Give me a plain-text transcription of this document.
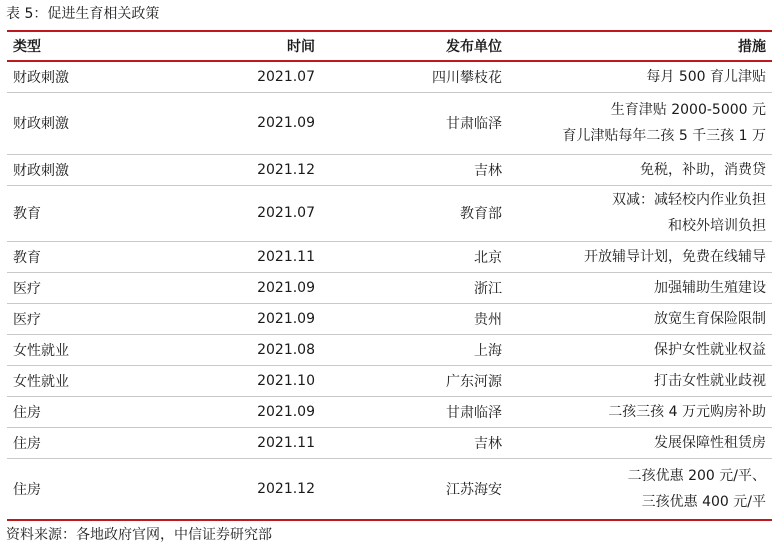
表 5：促进生育相关政策
类型	时间	发布单位	措施
财政刺激	2021.07	四川攀枝花	每月 500 育儿津贴

财政刺激	2021.09	甘肃临泽	生育津贴 2000-5000 元
育儿津贴每年二孩 5 千三孩 1 万

财政刺激	2021.12	吉林	免税，补助，消费贷

教育	2021.07	教育部	双减：减轻校内作业负担
和校外培训负担

教育	2021.11	北京	开放辅导计划，免费在线辅导

医疗	2021.09	浙江	加强辅助生殖建设

医疗	2021.09	贵州	放宽生育保险限制

女性就业	2021.08	上海	保护女性就业权益

女性就业	2021.10	广东河源	打击女性就业歧视

住房	2021.09	甘肃临泽	二孩三孩 4 万元购房补助

住房	2021.11	吉林	发展保障性租赁房

住房	2021.12	江苏海安	二孩优惠 200 元/平、
三孩优惠 400 元/平
资料来源：各地政府官网，中信证券研究部
